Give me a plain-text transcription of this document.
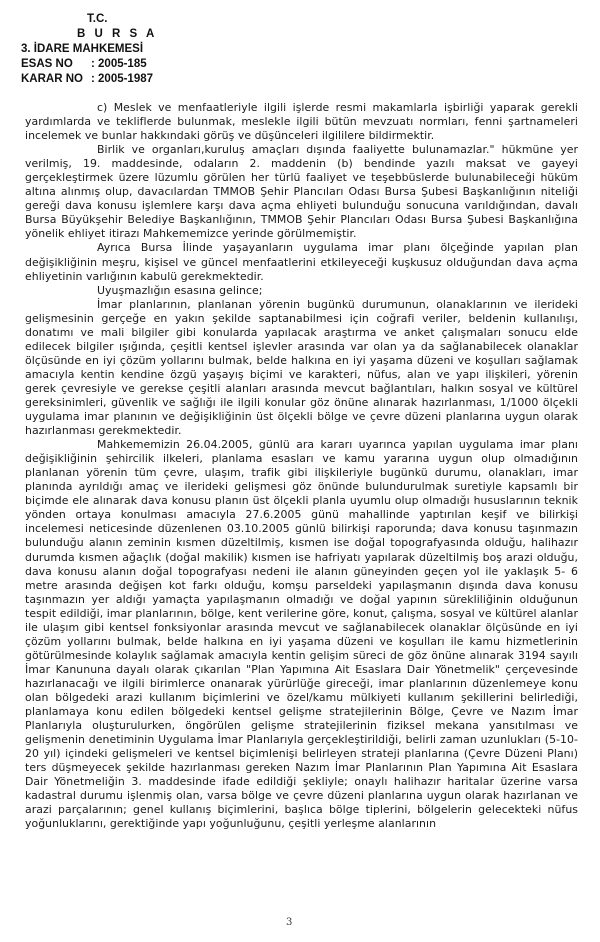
T.C.
B U R S A
3. İDARE MAHKEMESİ
ESAS NO : 2005-185
KARAR NO : 2005-1987

c) Meslek ve menfaatleriyle ilgili işlerde resmi makamlarla işbirliği yaparak gerekli yardımlarda ve tekliflerde bulunmak, meslekle ilgili bütün mevzuatı normları, fenni şartnameleri incelemek ve bunlar hakkındaki görüş ve düşünceleri ilgililere bildirmektir.

Birlik ve organları,kuruluş amaçları dışında faaliyette bulunamazlar." hükmüne yer verilmiş, 19. maddesinde, odaların 2. maddenin (b) bendinde yazılı maksat ve gayeyi gerçekleştirmek üzere lüzumlu görülen her türlü faaliyet ve teşebbüslerde bulunabileceği hüküm altına alınmış olup, davacılardan TMMOB Şehir Plancıları Odası Bursa Şubesi Başkanlığının niteliği gereği dava konusu işlemlere karşı dava açma ehliyeti bulunduğu sonucuna varıldığından, davalı Bursa Büyükşehir Belediye Başkanlığının, TMMOB Şehir Plancıları Odası Bursa Şubesi Başkanlığına yönelik ehliyet itirazı Mahkememizce yerinde görülmemiştir.

Ayrıca Bursa İlinde yaşayanların uygulama imar planı ölçeğinde yapılan plan değişikliğinin meşru, kişisel ve güncel menfaatlerini etkileyeceği kuşkusuz olduğundan dava açma ehliyetinin varlığının kabulü gerekmektedir.

Uyuşmazlığın esasına gelince;

İmar planlarının, planlanan yörenin bugünkü durumunun, olanaklarının ve ilerideki gelişmesinin gerçeğe en yakın şekilde saptanabilmesi için coğrafi veriler, beldenin kullanılışı, donatımı ve mali bilgiler gibi konularda yapılacak araştırma ve anket çalışmaları sonucu elde edilecek bilgiler ışığında, çeşitli kentsel işlevler arasında var olan ya da sağlanabilecek olanaklar ölçüsünde en iyi çözüm yollarını bulmak, belde halkına en iyi yaşama düzeni ve koşulları sağlamak amacıyla kentin kendine özgü yaşayış biçimi ve karakteri, nüfus, alan ve yapı ilişkileri, yörenin gerek çevresiyle ve gerekse çeşitli alanları arasında mevcut bağlantıları, halkın sosyal ve kültürel gereksinimleri, güvenlik ve sağlığı ile ilgili konular göz önüne alınarak hazırlanması, 1/1000 ölçekli uygulama imar planının ve değişikliğinin üst ölçekli bölge ve çevre düzeni planlarına uygun olarak hazırlanması gerekmektedir.

Mahkememizin 26.04.2005, günlü ara kararı uyarınca yapılan uygulama imar planı değişikliğinin şehircilik ilkeleri, planlama esasları ve kamu yararına uygun olup olmadığının planlanan yörenin tüm çevre, ulaşım, trafik gibi ilişkileriyle bugünkü durumu, olanakları, imar planında ayrıldığı amaç ve ilerideki gelişmesi göz önünde bulundurulmak suretiyle kapsamlı bir biçimde ele alınarak dava konusu planın üst ölçekli planla uyumlu olup olmadığı hususlarının teknik yönden ortaya konulması amacıyla 27.6.2005 günü mahallinde yaptırılan keşif ve bilirkişi incelemesi neticesinde düzenlenen 03.10.2005 günlü bilirkişi raporunda; dava konusu taşınmazın bulunduğu alanın zeminin kısmen düzeltilmiş, kısmen ise doğal topografyasında olduğu, halihazır durumda kısmen ağaçlık (doğal makilik) kısmen ise hafriyatı yapılarak düzeltilmiş boş arazi olduğu, dava konusu alanın doğal topografyası nedeni ile alanın güneyinden geçen yol ile yaklaşık 5- 6 metre arasında değişen kot farkı olduğu, komşu parseldeki yapılaşmanın dışında dava konusu taşınmazın yer aldığı yamaçta yapılaşmanın olmadığı ve doğal yapının sürekliliğinin olduğunun tespit edildiği, imar planlarının, bölge, kent verilerine göre, konut, çalışma, sosyal ve kültürel alanlar ile ulaşım gibi kentsel fonksiyonlar arasında mevcut ve sağlanabilecek olanaklar ölçüsünde en iyi çözüm yollarını bulmak, belde halkına en iyi yaşama düzeni ve koşulları ile kamu hizmetlerinin götürülmesinde kolaylık sağlamak amacıyla kentin gelişim süreci de göz önüne alınarak 3194 sayılı İmar Kanununa dayalı olarak çıkarılan "Plan Yapımına Ait Esaslara Dair Yönetmelik" çerçevesinde hazırlanacağı ve ilgili birimlerce onanarak yürürlüğe gireceği, imar planlarının düzenlemeye konu olan bölgedeki arazi kullanım biçimlerini ve özel/kamu mülkiyeti kullanım şekillerini belirlediği, planlamaya konu edilen bölgedeki kentsel gelişme stratejilerinin Bölge, Çevre ve Nazım İmar Planlarıyla oluşturulurken, öngörülen gelişme stratejilerinin fiziksel mekana yansıtılması ve gelişmenin denetiminin Uygulama İmar Planlarıyla gerçekleştirildiği, belirli zaman uzunlukları (5-10-20 yıl) içindeki gelişmeleri ve kentsel biçimlenişi belirleyen strateji planlarına (Çevre Düzeni Planı) ters düşmeyecek şekilde hazırlanması gereken Nazım İmar Planlarının Plan Yapımına Ait Esaslara Dair Yönetmeliğin 3. maddesinde ifade edildiği şekliyle; onaylı halihazır haritalar üzerine varsa kadastral durumu işlenmiş olan, varsa bölge ve çevre düzeni planlarına uygun olarak hazırlanan ve arazi parçalarının; genel kullanış biçimlerini, başlıca bölge tiplerini, bölgelerin gelecekteki nüfus yoğunluklarını, gerektiğinde yapı yoğunluğunu, çeşitli yerleşme alanlarının

3
